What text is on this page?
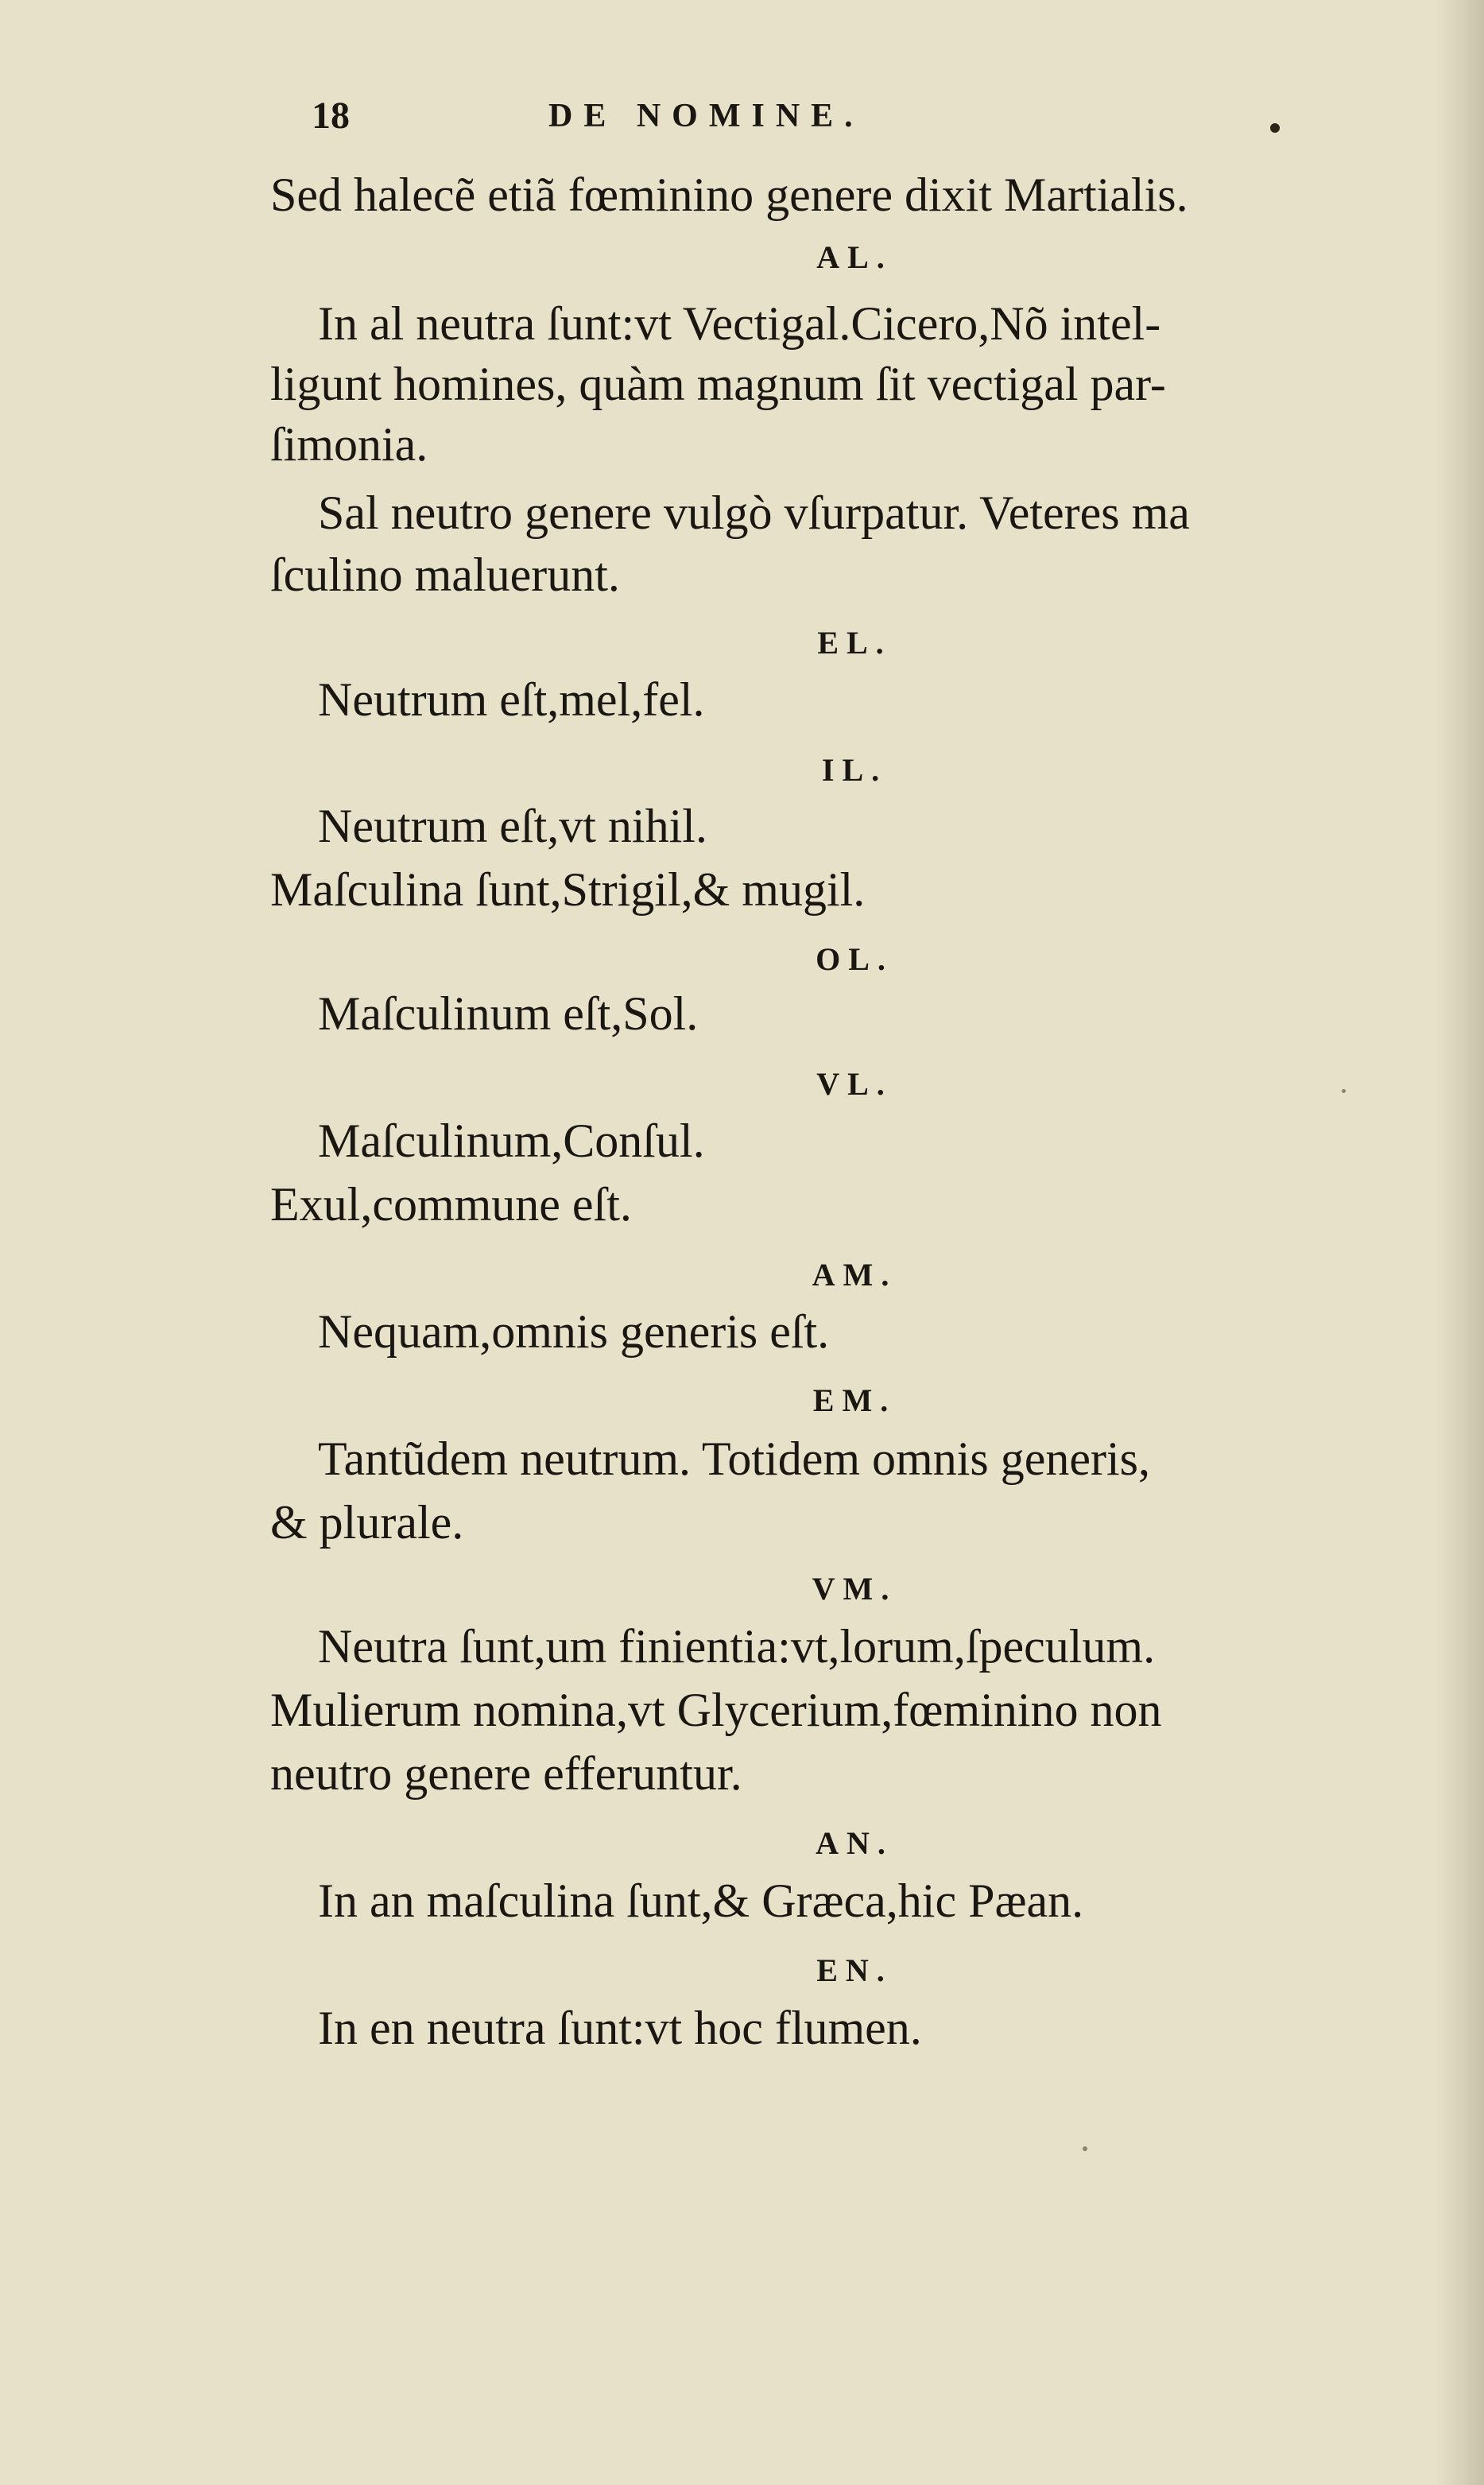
18	DE NOMINE.
Sed halecẽ etiã fœminino genere dixit Martialis.
AL.
In al neutra ſunt:vt Vectigal.Cicero,Nõ intel-
ligunt homines, quàm magnum ſit vectigal par-
ſimonia.
Sal neutro genere vulgò vſurpatur. Veteres ma
ſculino maluerunt.
EL.
Neutrum eſt,mel,fel.
IL.
Neutrum eſt,vt nihil.
Maſculina ſunt,Strigil,& mugil.
OL.
Maſculinum eſt,Sol.
VL.
Maſculinum,Conſul.
Exul,commune eſt.
AM.
Nequam,omnis generis eſt.
EM.
Tantũdem neutrum. Totidem omnis generis,
& plurale.
VM.
Neutra ſunt,um finientia:vt,lorum,ſpeculum.
Mulierum nomina,vt Glycerium,fœminino non
neutro genere efferuntur.
AN.
In an maſculina ſunt,& Græca,hic Pæan.
EN.
In en neutra ſunt:vt hoc flumen.
